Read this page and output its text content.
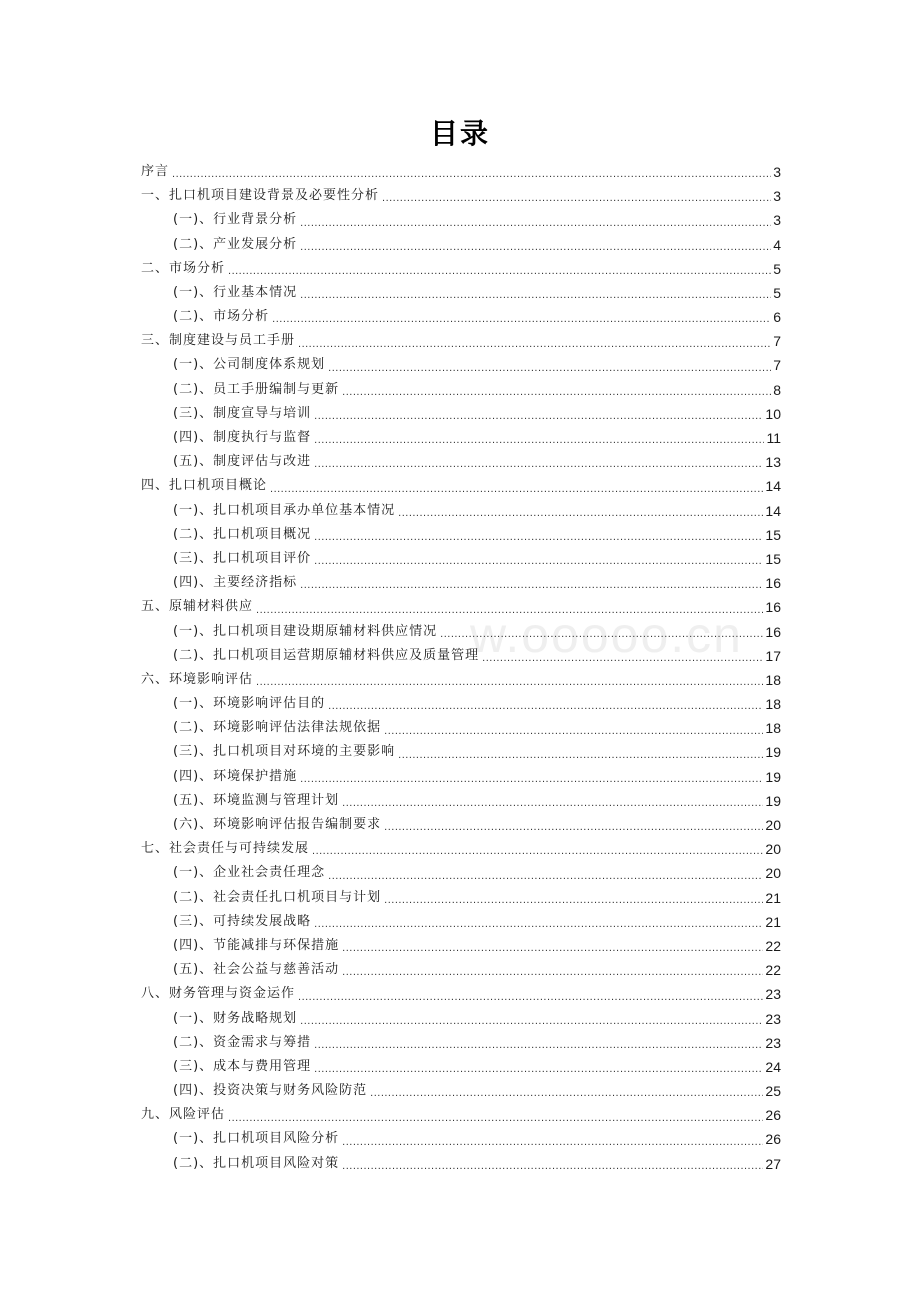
目录
序言 .....	3
一、扎口机项目建设背景及必要性分析 .....	3
(一)、行业背景分析 .....	3
(二)、产业发展分析 .....	4
二、市场分析 .....	5
(一)、行业基本情况 .....	5
(二)、市场分析 .....	6
三、制度建设与员工手册 .....	7
(一)、公司制度体系规划 .....	7
(二)、员工手册编制与更新 .....	8
(三)、制度宣导与培训 .....	10
(四)、制度执行与监督 .....	11
(五)、制度评估与改进 .....	13
四、扎口机项目概论 .....	14
(一)、扎口机项目承办单位基本情况 .....	14
(二)、扎口机项目概况 .....	15
(三)、扎口机项目评价 .....	15
(四)、主要经济指标 .....	16
五、原辅材料供应 .....	16
(一)、扎口机项目建设期原辅材料供应情况 .....	16
(二)、扎口机项目运营期原辅材料供应及质量管理 .....	17
六、环境影响评估 .....	18
(一)、环境影响评估目的 .....	18
(二)、环境影响评估法律法规依据 .....	18
(三)、扎口机项目对环境的主要影响 .....	19
(四)、环境保护措施 .....	19
(五)、环境监测与管理计划 .....	19
(六)、环境影响评估报告编制要求 .....	20
七、社会责任与可持续发展 .....	20
(一)、企业社会责任理念 .....	20
(二)、社会责任扎口机项目与计划 .....	21
(三)、可持续发展战略 .....	21
(四)、节能减排与环保措施 .....	22
(五)、社会公益与慈善活动 .....	22
八、财务管理与资金运作 .....	23
(一)、财务战略规划 .....	23
(二)、资金需求与筹措 .....	23
(三)、成本与费用管理 .....	24
(四)、投资决策与财务风险防范 .....	25
九、风险评估 .....	26
(一)、扎口机项目风险分析 .....	26
(二)、扎口机项目风险对策 .....	27
w.ooooo.cn
